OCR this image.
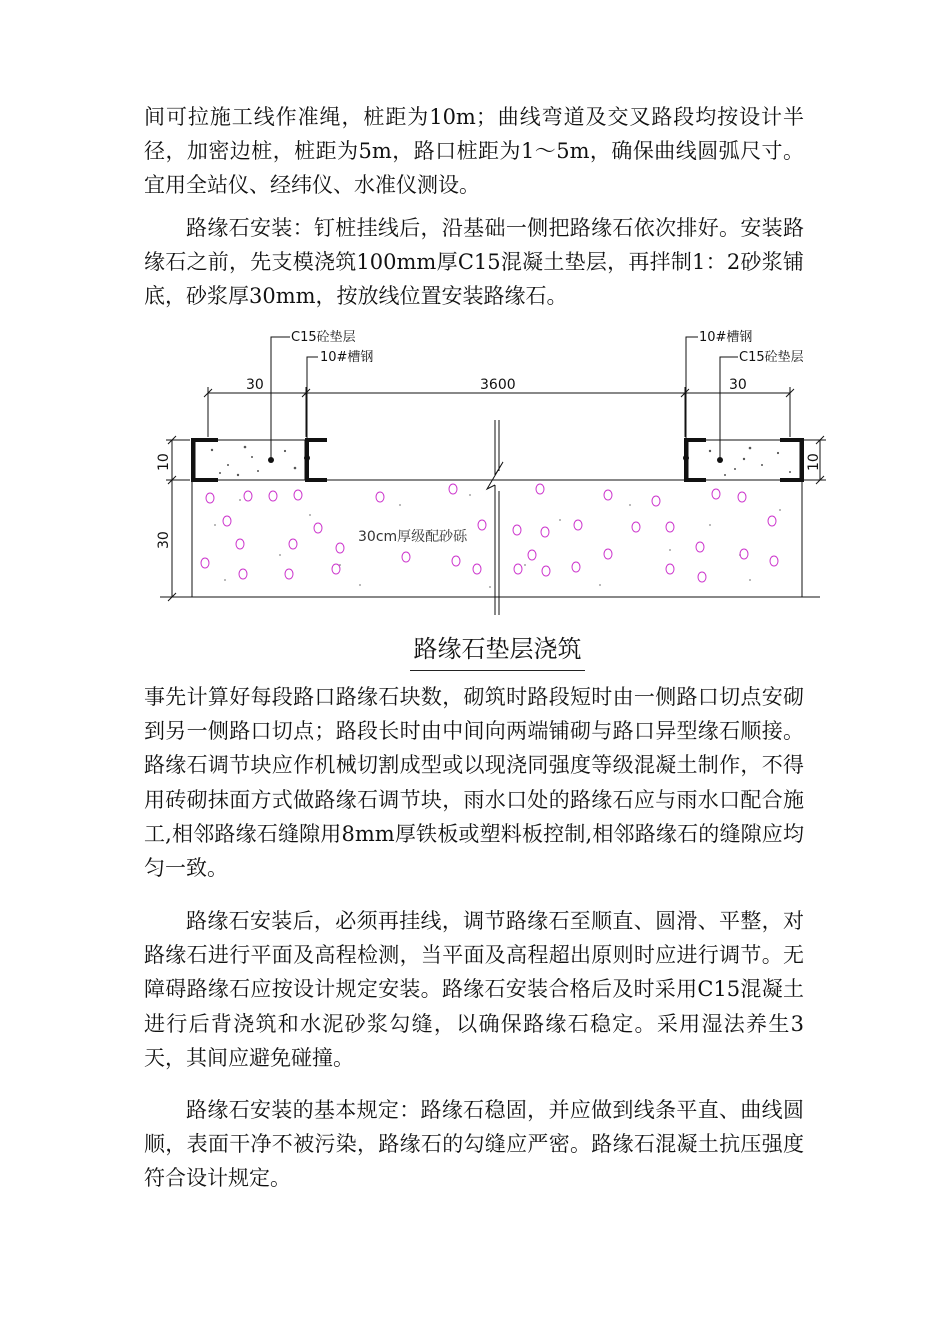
间可拉施工线作准绳，桩距为10m；曲线弯道及交叉路段均按设计半径，加密边桩，桩距为5m，路口桩距为1～5m，确保曲线圆弧尺寸。宜用全站仪、经纬仪、水准仪测设。

路缘石安装：钉桩挂线后，沿基础一侧把路缘石依次排好。安装路缘石之前，先支模浇筑100mm厚C15混凝土垫层，再拌制1：2砂浆铺底，砂浆厚30mm，按放线位置安装路缘石。

C15砼垫层
10#槽钢
10#槽钢
C15砼垫层
30	3600	30
10
30
10
30cm厚级配砂砾
路缘石垫层浇筑

事先计算好每段路口路缘石块数，砌筑时路段短时由一侧路口切点安砌到另一侧路口切点；路段长时由中间向两端铺砌与路口异型缘石顺接。路缘石调节块应作机械切割成型或以现浇同强度等级混凝土制作，不得用砖砌抹面方式做路缘石调节块，雨水口处的路缘石应与雨水口配合施工,相邻路缘石缝隙用8mm厚铁板或塑料板控制,相邻路缘石的缝隙应均匀一致。

路缘石安装后，必须再挂线，调节路缘石至顺直、圆滑、平整，对路缘石进行平面及高程检测，当平面及高程超出原则时应进行调节。无障碍路缘石应按设计规定安装。路缘石安装合格后及时采用C15混凝土进行后背浇筑和水泥砂浆勾缝，以确保路缘石稳定。采用湿法养生3天，其间应避免碰撞。

路缘石安装的基本规定：路缘石稳固，并应做到线条平直、曲线圆顺，表面干净不被污染，路缘石的勾缝应严密。路缘石混凝土抗压强度符合设计规定。
